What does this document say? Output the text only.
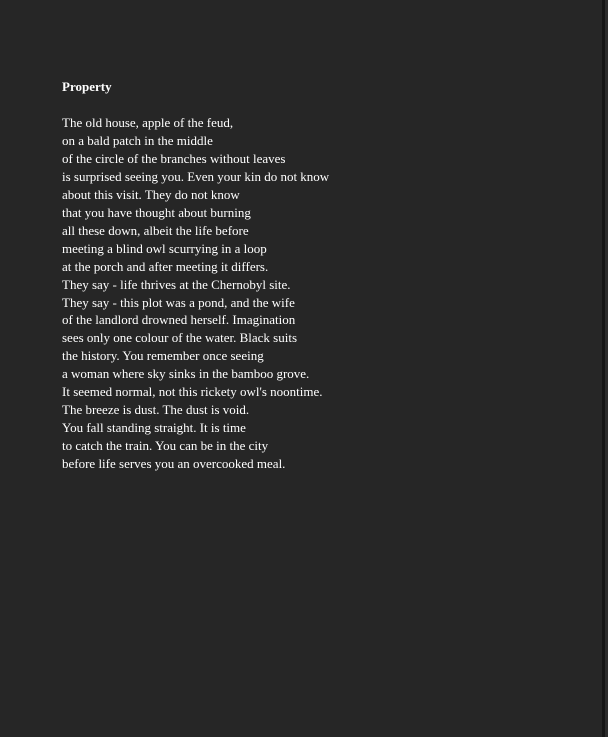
Property
The old house, apple of the feud,
on a bald patch in the middle
of the circle of the branches without leaves
is surprised seeing you. Even your kin do not know
about this visit. They do not know
that you have thought about burning
all these down, albeit the life before
meeting a blind owl scurrying in a loop
at the porch and after meeting it differs.
They say - life thrives at the Chernobyl site.
They say - this plot was a pond, and the wife
of the landlord drowned herself. Imagination
sees only one colour of the water. Black suits
the history. You remember once seeing
a woman where sky sinks in the bamboo grove.
It seemed normal, not this rickety owl's noontime.
The breeze is dust. The dust is void.
You fall standing straight. It is time
to catch the train. You can be in the city
before life serves you an overcooked meal.
